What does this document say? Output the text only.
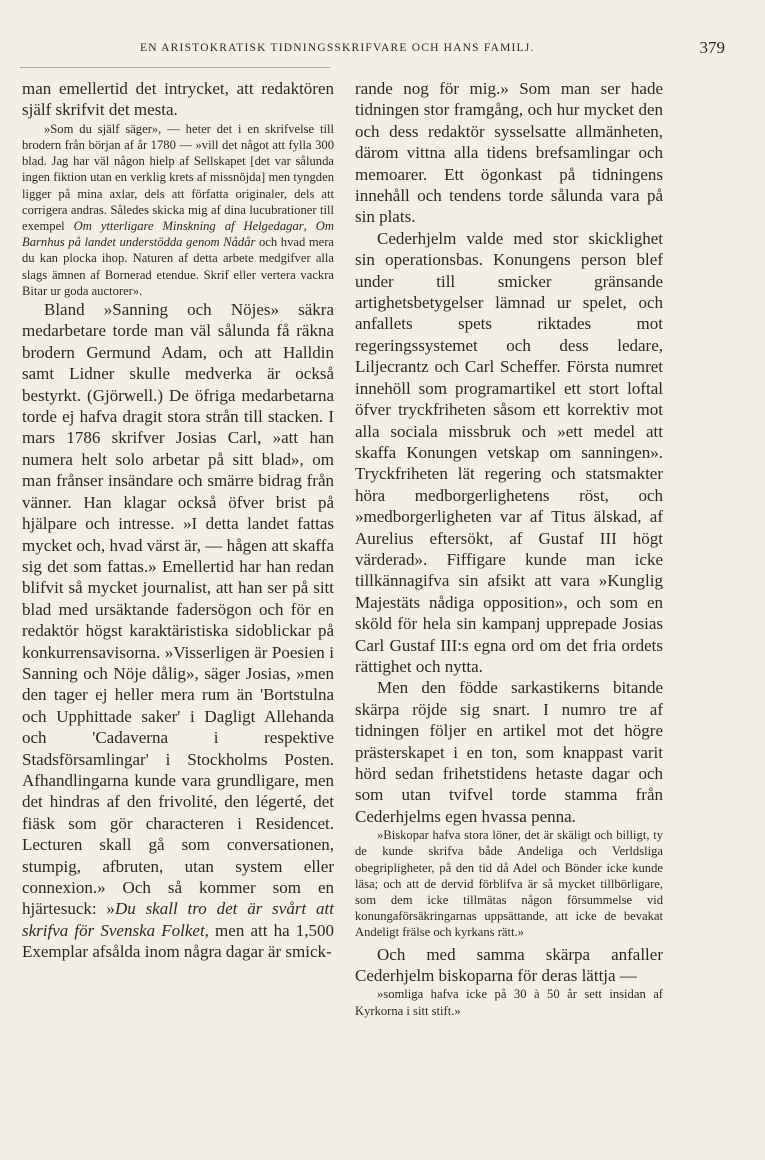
EN ARISTOKRATISK TIDNINGSSKRIFVARE OCH HANS FAMILJ.	379

man emellertid det intrycket, att redaktören själf skrifvit det mesta.

»Som du själf säger», — heter det i en skrifvelse till brodern från början af år 1780 — »vill det något att fylla 300 blad. Jag har väl någon hielp af Sellskapet [det var sålunda ingen fiktion utan en verklig krets af missnöjda] men tyngden ligger på mina axlar, dels att författa originaler, dels att corrigera andras. Således skicka mig af dina lucubrationer till exempel Om ytterligare Minskning af Helgedagar, Om Barnhus på landet understödda genom Nådår och hvad mera du kan plocka ihop. Naturen af detta arbete medgifver alla slags ämnen af Bornerad etendue. Skrif eller vertera vackra Bitar ur goda auctorer».

Bland »Sanning och Nöjes» säkra medarbetare torde man väl sålunda få räkna brodern Germund Adam, och att Halldin samt Lidner skulle medverka är också bestyrkt. (Gjörwell.) De öfriga medarbetarna torde ej hafva dragit stora strån till stacken. I mars 1786 skrifver Josias Carl, »att han numera helt solo arbetar på sitt blad», om man frånser insändare och smärre bidrag från vänner. Han klagar också öfver brist på hjälpare och intresse. »I detta landet fattas mycket och, hvad värst är, — hågen att skaffa sig det som fattas.» Emellertid har han redan blifvit så mycket journalist, att han ser på sitt blad med ursäktande fadersögon och för en redaktör högst karaktäristiska sidoblickar på konkurrensavisorna. »Visserligen är Poesien i Sanning och Nöje dålig», säger Josias, »men den tager ej heller mera rum än 'Bortstulna och Upphittade saker' i Dagligt Allehanda och 'Cadaverna i respektive Stadsförsamlingar' i Stockholms Posten. Afhandlingarna kunde vara grundligare, men det hindras af den frivolité, den légerté, det fiäsk som gör characteren i Residencet. Lecturen skall gå som conversationen, stumpig, afbruten, utan system eller connexion.» Och så kommer som en hjärtesuck: »Du skall tro det är svårt att skrifva för Svenska Folket, men att ha 1,500 Exemplar afsålda inom några dagar är smick-

rande nog för mig.» Som man ser hade tidningen stor framgång, och hur mycket den och dess redaktör sysselsatte allmänheten, därom vittna alla tidens brefsamlingar och memoarer. Ett ögonkast på tidningens innehåll och tendens torde sålunda vara på sin plats.

Cederhjelm valde med stor skicklighet sin operationsbas. Konungens person blef under till smicker gränsande artighetsbetygelser lämnad ur spelet, och anfallets spets riktades mot regeringssystemet och dess ledare, Liljecrantz och Carl Scheffer. Första numret innehöll som programartikel ett stort loftal öfver tryckfriheten såsom ett korrektiv mot alla sociala missbruk och »ett medel att skaffa Konungen vetskap om sanningen». Tryckfriheten lät regering och statsmakter höra medborgerlighetens röst, och »medborgerligheten var af Titus älskad, af Aurelius eftersökt, af Gustaf III högt värderad». Fiffigare kunde man icke tillkännagifva sin afsikt att vara »Kunglig Majestäts nådiga opposition», och som en sköld för hela sin kampanj upprepade Josias Carl Gustaf III:s egna ord om det fria ordets rättighet och nytta.

Men den födde sarkastikerns bitande skärpa röjde sig snart. I numro tre af tidningen följer en artikel mot det högre prästerskapet i en ton, som knappast varit hörd sedan frihetstidens hetaste dagar och som utan tvifvel torde stamma från Cederhjelms egen hvassa penna.

»Biskopar hafva stora löner, det är skäligt och billigt, ty de kunde skrifva både Andeliga och Verldsliga obegripligheter, på den tid då Adel och Bönder icke kunde läsa; och att de dervid förblifva är så mycket tillbörligare, som dem icke tillmätas någon försummelse vid konungaförsäkringarnas uppsättande, att icke de bevakat Andeligt frälse och kyrkans rätt.»

Och med samma skärpa anfaller Cederhjelm biskoparna för deras lättja —

»somliga hafva icke på 30 à 50 år sett insidan af Kyrkorna i sitt stift.»
